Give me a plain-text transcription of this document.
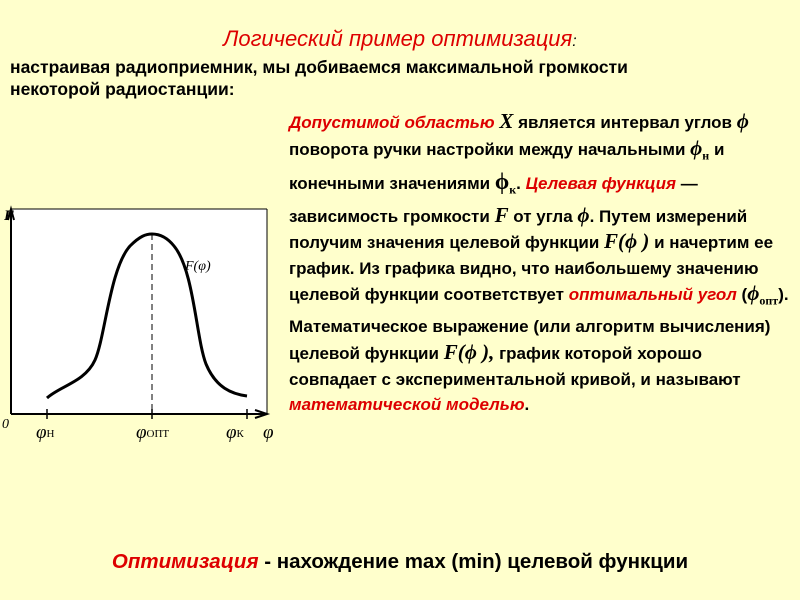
Логический пример оптимизация:
настраивая радиоприемник, мы добиваемся максимальной громкости некоторой радиостанции:
F
F(φ)
0	φ
φН	φОПТ	φК
Допустимой областью X является интервал углов ϕ поворота ручки настройки между начальными $\phi_н$ и конечными значениями $\phi_к$. Целевая функция — зависимость громкости F от угла ϕ. Путем измерений получим значения целевой функции F(ϕ ) и начертим ее график. Из графика видно, что наибольшему значению целевой функции соответствует оптимальный угол $(\phi_{опт})$. Математическое выражение (или алгоритм вычисления) целевой функции F(ϕ ), график которой хорошо совпадает с экспериментальной кривой, и называют математической моделью.
Оптимизация - нахождение max (min) целевой функции
